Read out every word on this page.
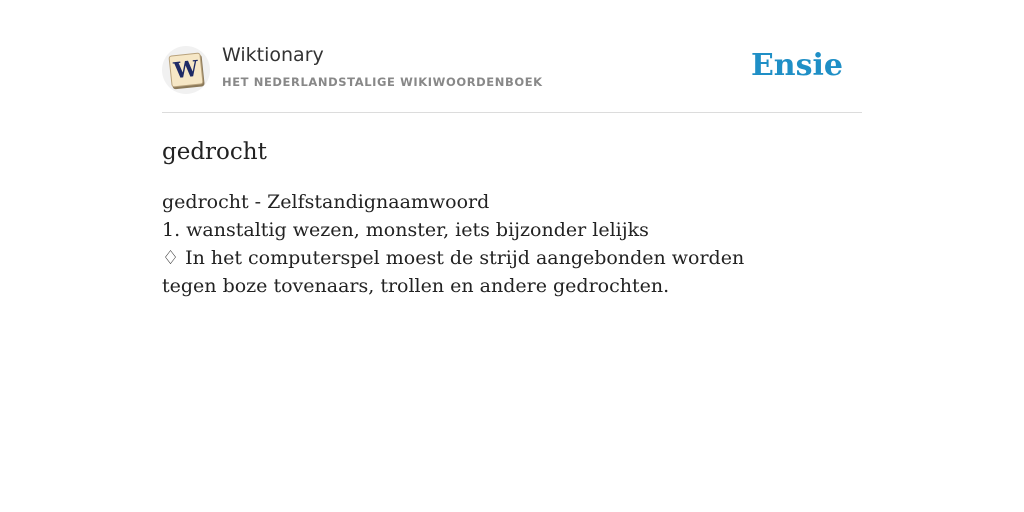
W
Wiktionary
HET NEDERLANDSTALIGE WIKIWOORDENBOEK	Ensie
gedrocht

gedrocht - Zelfstandignaamwoord

1. wanstaltig wezen, monster, iets bijzonder lelijks

♢ In het computerspel moest de strijd aangebonden worden tegen boze tovenaars, trollen en andere gedrochten.
